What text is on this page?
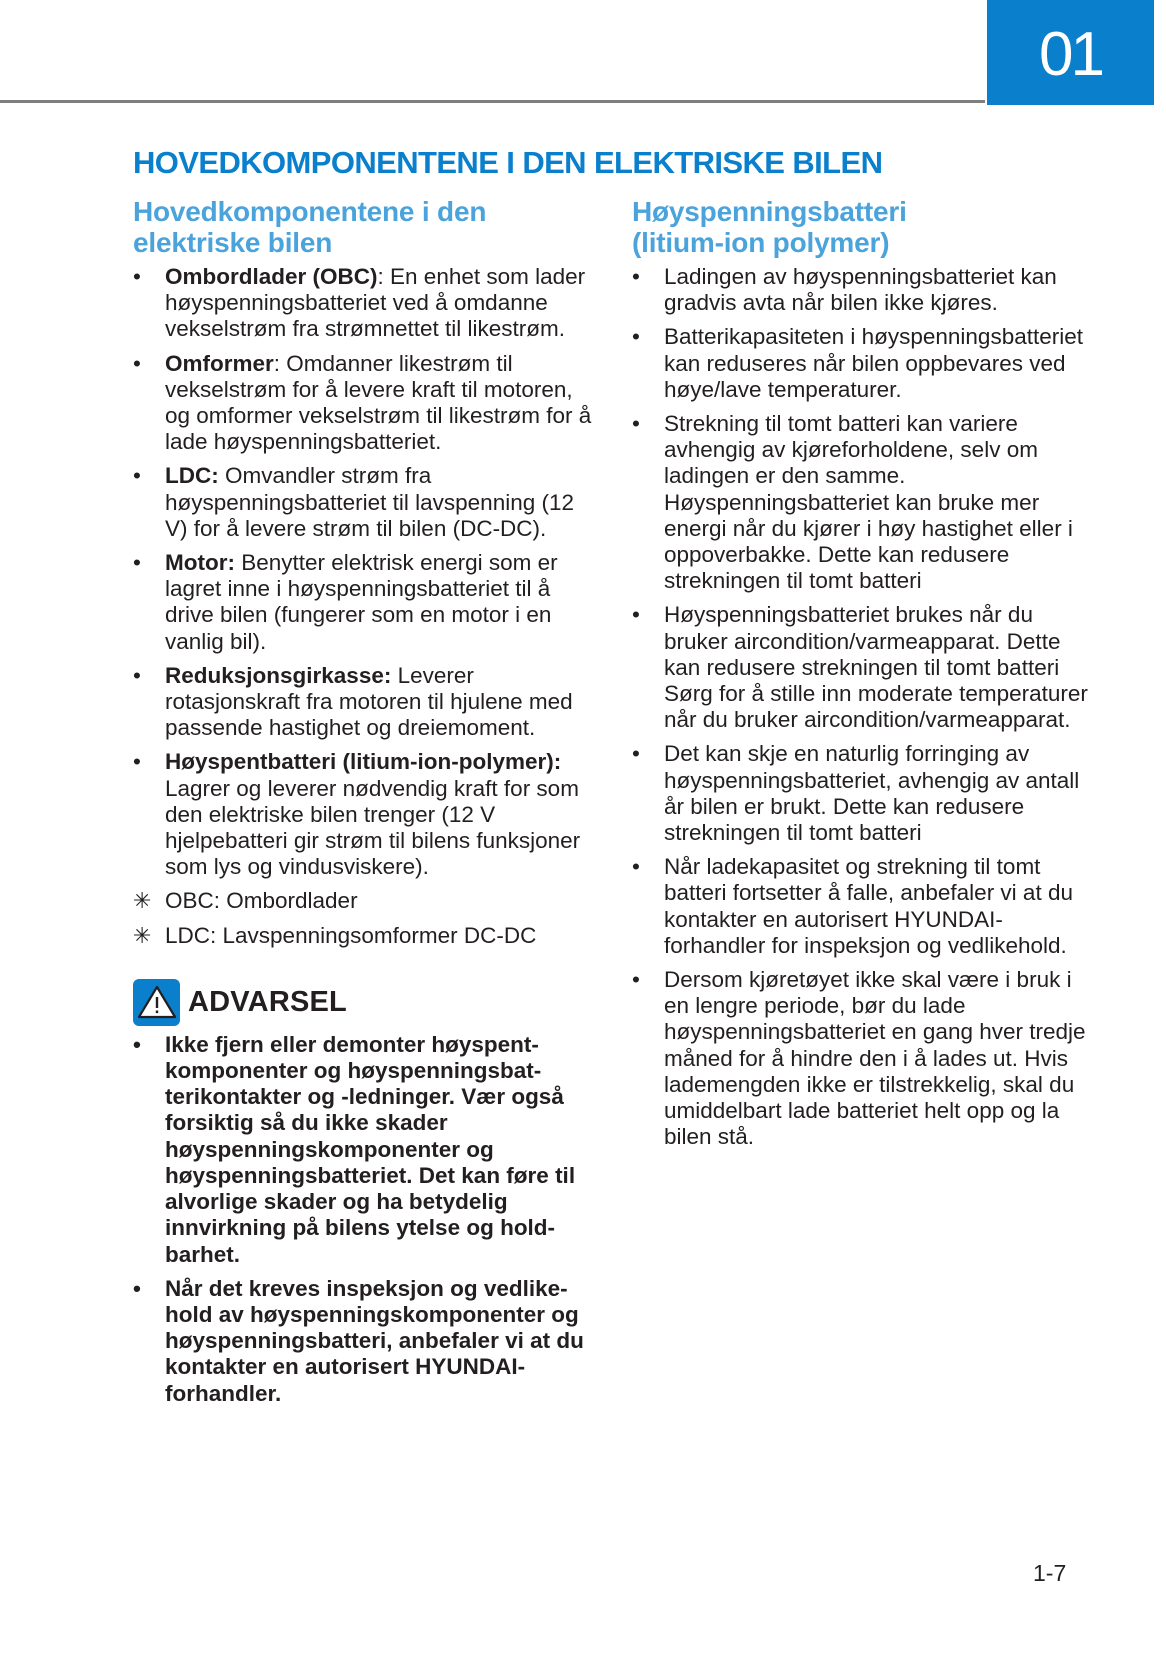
01
HOVEDKOMPONENTENE I DEN ELEKTRISKE BILEN
Hovedkomponentene i den
elektriske bilen
•	Ombordlader (OBC): En enhet som lader høyspenningsbatteriet ved å omdanne vekselstrøm fra strømnettet til likestrøm.
•	Omformer: Omdanner likestrøm til vekselstrøm for å levere kraft til motoren, og omformer vekselstrøm til likestrøm for å lade høyspenningsbatteriet.
•	LDC: Omvandler strøm fra høyspenningsbatteriet til lavspenning (12 V) for å levere strøm til bilen (DC-DC).
•	Motor: Benytter elektrisk energi som er lagret inne i høyspenningsbatteriet til å drive bilen (fungerer som en motor i en vanlig bil).
•	Reduksjonsgirkasse: Leverer rotasjonskraft fra motoren til hjulene med passende hastighet og dreiemoment.
•	Høyspentbatteri (litium-ion-polymer): Lagrer og leverer nødvendig kraft for som den elektriske bilen trenger (12 V hjelpebatteri gir strøm til bilens funksjoner som lys og vindusviskere).
✳ OBC: Ombordlader
✳ LDC: Lavspenningsomformer DC-DC
ADVARSEL
•	Ikke fjern eller demonter høyspent-komponenter og høyspenningsbat-terikontakter og -ledninger. Vær også forsiktig så du ikke skader høyspenningskomponenter og høyspenningsbatteriet. Det kan føre til alvorlige skader og ha betydelig innvirkning på bilens ytelse og hold-barhet.
•	Når det kreves inspeksjon og vedlike-hold av høyspenningskomponenter og høyspenningsbatteri, anbefaler vi at du kontakter en autorisert HYUNDAI-forhandler.
Høyspenningsbatteri
(litium-ion polymer)
•	Ladingen av høyspenningsbatteriet kan gradvis avta når bilen ikke kjøres.
•	Batterikapasiteten i høyspenningsbatteriet kan reduseres når bilen oppbevares ved høye/lave temperaturer.
•	Strekning til tomt batteri kan variere avhengig av kjøreforholdene, selv om ladingen er den samme. Høyspenningsbatteriet kan bruke mer energi når du kjører i høy hastighet eller i oppoverbakke. Dette kan redusere strekningen til tomt batteri
•	Høyspenningsbatteriet brukes når du bruker aircondition/varmeapparat. Dette kan redusere strekningen til tomt batteri Sørg for å stille inn moderate temperaturer når du bruker aircondition/varmeapparat.
•	Det kan skje en naturlig forringing av høyspenningsbatteriet, avhengig av antall år bilen er brukt. Dette kan redusere strekningen til tomt batteri
•	Når ladekapasitet og strekning til tomt batteri fortsetter å falle, anbefaler vi at du kontakter en autorisert HYUNDAI-forhandler for inspeksjon og vedlikehold.
•	Dersom kjøretøyet ikke skal være i bruk i en lengre periode, bør du lade høyspenningsbatteriet en gang hver tredje måned for å hindre den i å lades ut. Hvis lademengden ikke er tilstrekkelig, skal du umiddelbart lade batteriet helt opp og la bilen stå.
1-7
